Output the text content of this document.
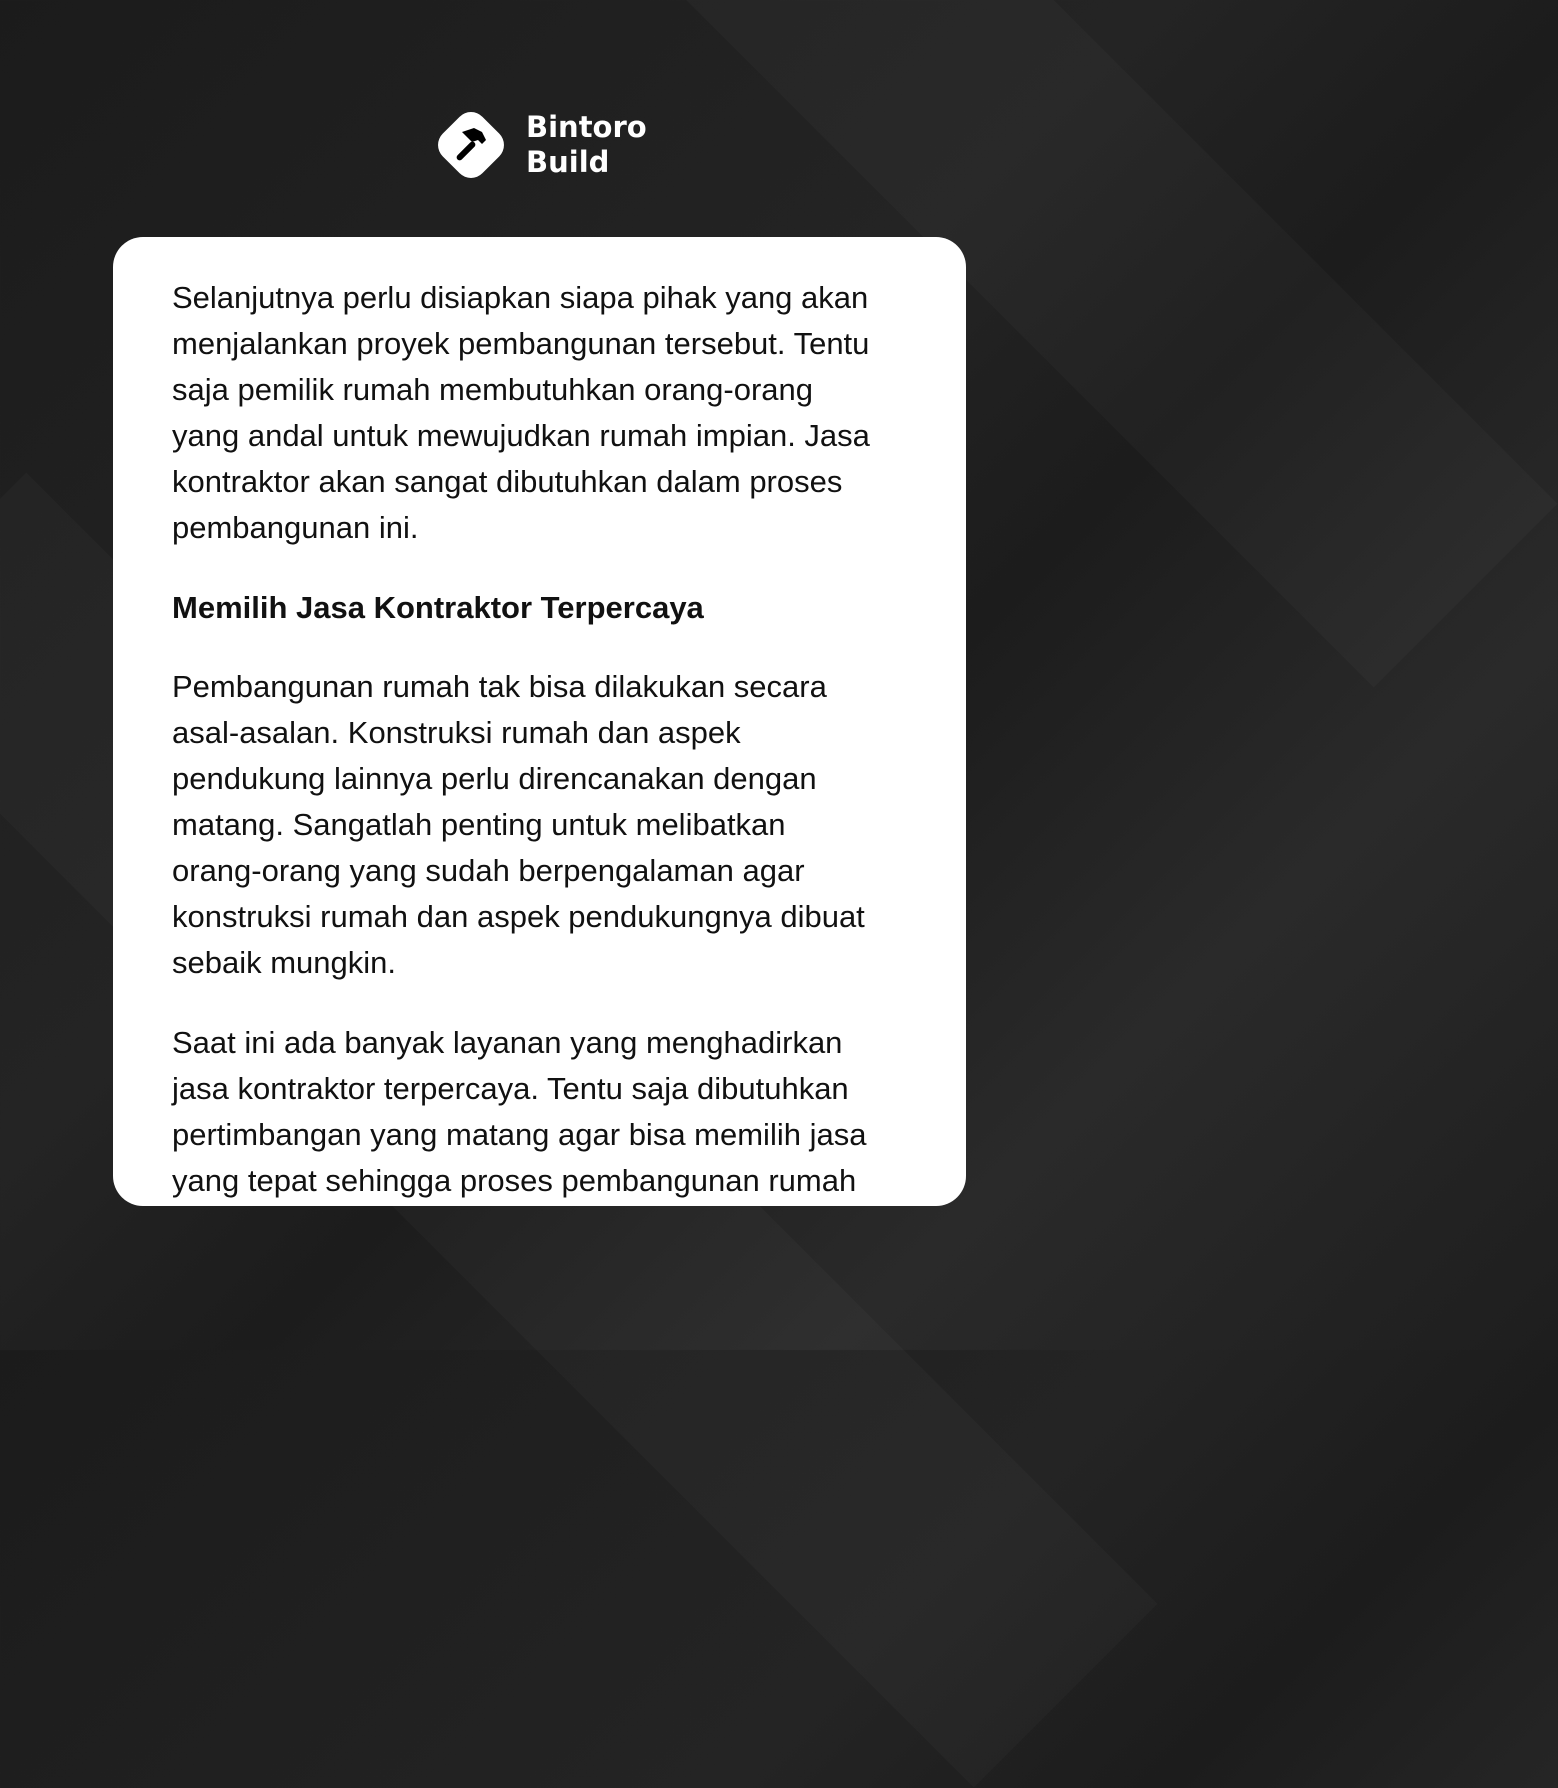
Bintoro
Build

Selanjutnya perlu disiapkan siapa pihak yang akan
menjalankan proyek pembangunan tersebut. Tentu
saja pemilik rumah membutuhkan orang-orang
yang andal untuk mewujudkan rumah impian. Jasa
kontraktor akan sangat dibutuhkan dalam proses
pembangunan ini.

Memilih Jasa Kontraktor Terpercaya

Pembangunan rumah tak bisa dilakukan secara
asal-asalan. Konstruksi rumah dan aspek
pendukung lainnya perlu direncanakan dengan
matang. Sangatlah penting untuk melibatkan
orang-orang yang sudah berpengalaman agar
konstruksi rumah dan aspek pendukungnya dibuat
sebaik mungkin.

Saat ini ada banyak layanan yang menghadirkan
jasa kontraktor terpercaya. Tentu saja dibutuhkan
pertimbangan yang matang agar bisa memilih jasa
yang tepat sehingga proses pembangunan rumah
